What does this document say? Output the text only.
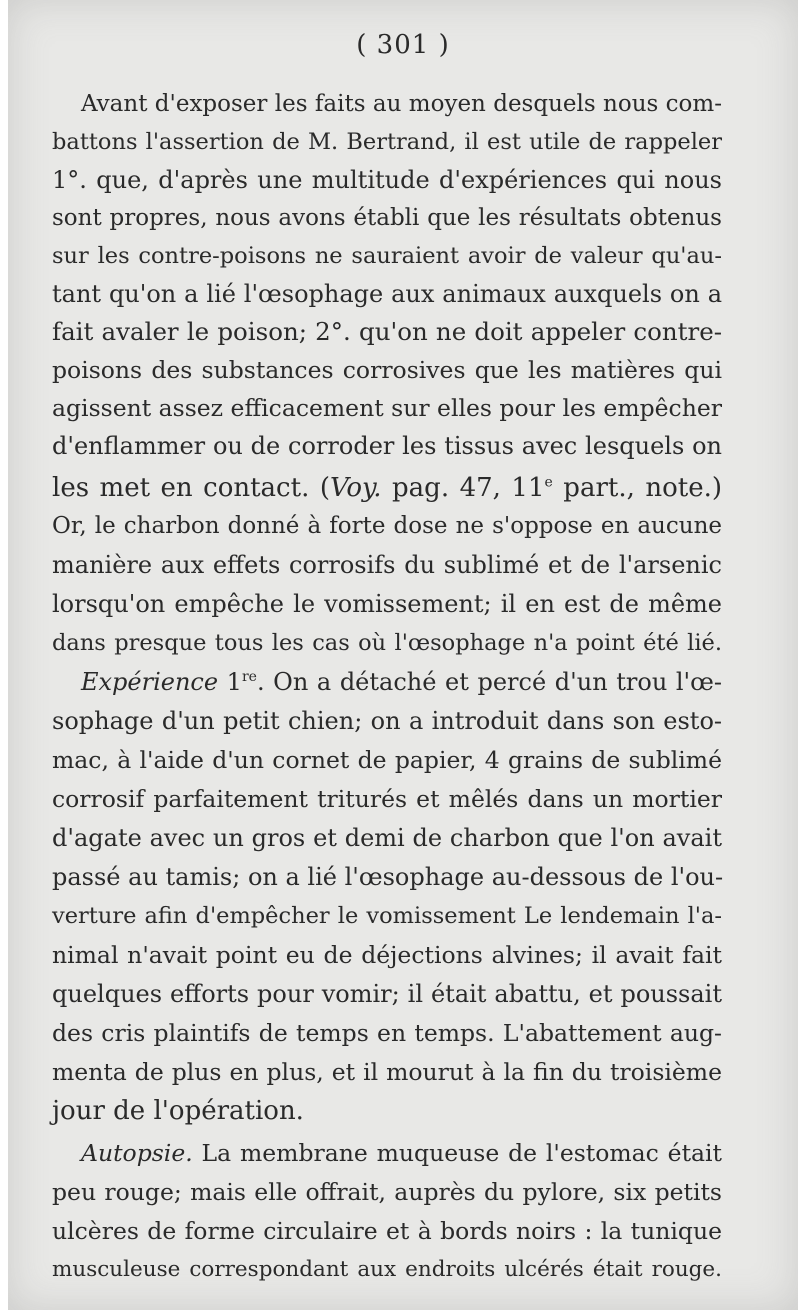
( 301 )
Avant d'exposer les faits au moyen desquels nous com-
battons l'assertion de M. Bertrand, il est utile de rappeler
1°. que, d'après une multitude d'expériences qui nous
sont propres, nous avons établi que les résultats obtenus
sur les contre-poisons ne sauraient avoir de valeur qu'au-
tant qu'on a lié l'œsophage aux animaux auxquels on a
fait avaler le poison; 2°. qu'on ne doit appeler contre-
poisons des substances corrosives que les matières qui
agissent assez efficacement sur elles pour les empêcher
d'enflammer ou de corroder les tissus avec lesquels on
les met en contact. (Voy. pag. 47, 11e part., note.)
Or, le charbon donné à forte dose ne s'oppose en aucune
manière aux effets corrosifs du sublimé et de l'arsenic
lorsqu'on empêche le vomissement; il en est de même
dans presque tous les cas où l'œsophage n'a point été lié.
Expérience 1re. On a détaché et percé d'un trou l'œ-
sophage d'un petit chien; on a introduit dans son esto-
mac, à l'aide d'un cornet de papier, 4 grains de sublimé
corrosif parfaitement triturés et mêlés dans un mortier
d'agate avec un gros et demi de charbon que l'on avait
passé au tamis; on a lié l'œsophage au-dessous de l'ou-
verture afin d'empêcher le vomissement Le lendemain l'a-
nimal n'avait point eu de déjections alvines; il avait fait
quelques efforts pour vomir; il était abattu, et poussait
des cris plaintifs de temps en temps. L'abattement aug-
menta de plus en plus, et il mourut à la fin du troisième
jour de l'opération.
Autopsie. La membrane muqueuse de l'estomac était
peu rouge; mais elle offrait, auprès du pylore, six petits
ulcères de forme circulaire et à bords noirs : la tunique
musculeuse correspondant aux endroits ulcérés était rouge.
